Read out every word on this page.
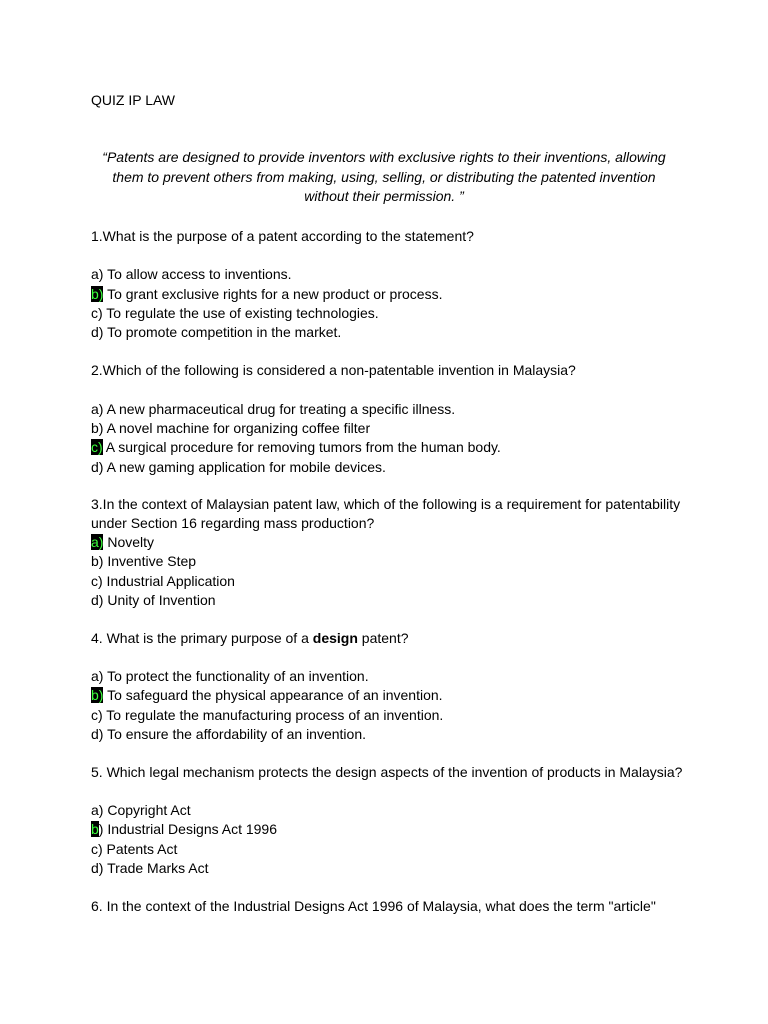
QUIZ IP LAW
“Patents are designed to provide inventors with exclusive rights to their inventions, allowing them to prevent others from making, using, selling, or distributing the patented invention without their permission. ”
1.What is the purpose of a patent according to the statement?
a) To allow access to inventions.
b) To grant exclusive rights for a new product or process.
c) To regulate the use of existing technologies.
d) To promote competition in the market.
2.Which of the following is considered a non-patentable invention in Malaysia?
a) A new pharmaceutical drug for treating a specific illness.
b) A novel machine for organizing coffee filter
c) A surgical procedure for removing tumors from the human body.
d) A new gaming application for mobile devices.
3.In the context of Malaysian patent law, which of the following is a requirement for patentability
under Section 16 regarding mass production?
a) Novelty
b) Inventive Step
c) Industrial Application
d) Unity of Invention
4. What is the primary purpose of a design patent?
a) To protect the functionality of an invention.
b) To safeguard the physical appearance of an invention.
c) To regulate the manufacturing process of an invention.
d) To ensure the affordability of an invention.
5. Which legal mechanism protects the design aspects of the invention of products in Malaysia?
a) Copyright Act
b) Industrial Designs Act 1996
c) Patents Act
d) Trade Marks Act
6. In the context of the Industrial Designs Act 1996 of Malaysia, what does the term "article"
